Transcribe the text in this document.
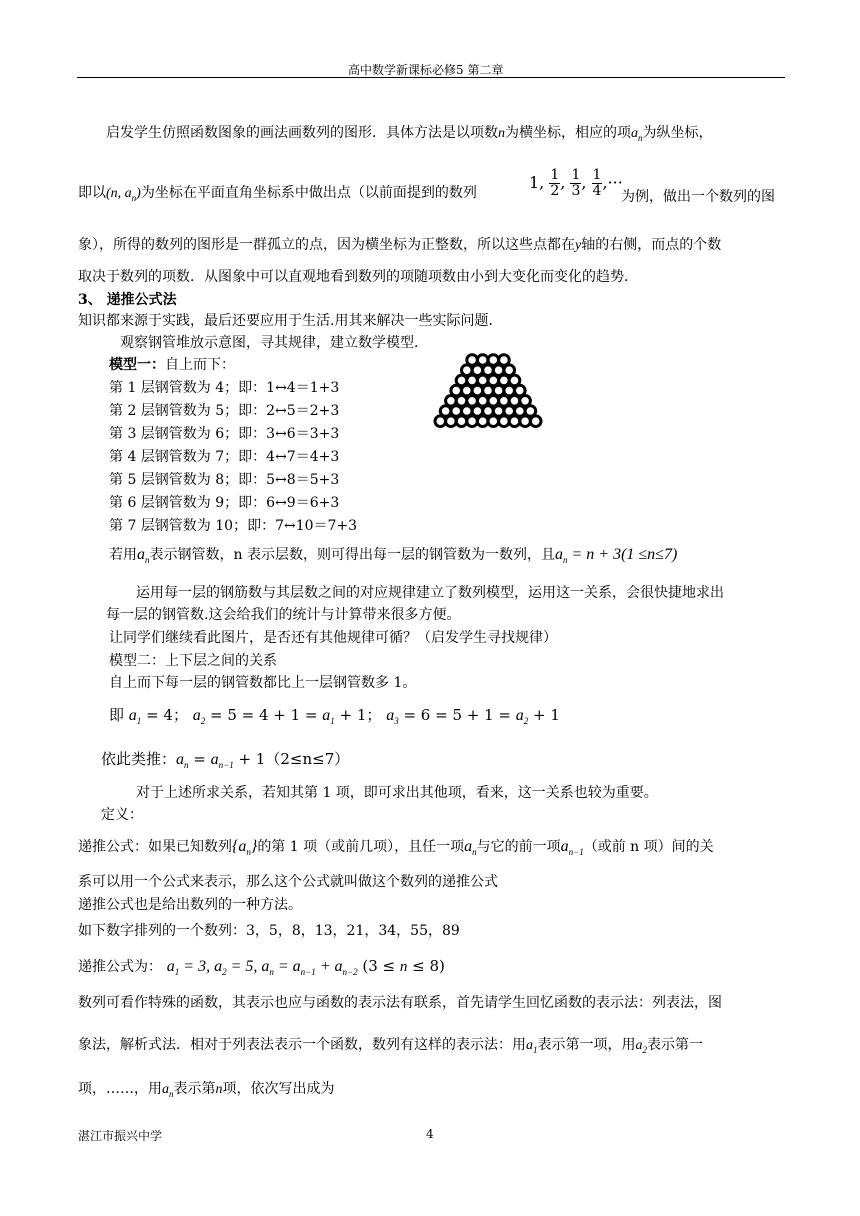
高中数学新课标必修5 第二章
启发学生仿照函数图象的画法画数列的图形．具体方法是以项数n为横坐标，相应的项$a_n$为纵坐标，
即以(n, $a_n$)为坐标在平面直角坐标系中做出点（以前面提到的数列
1, $\frac{1}{2}$ , $\frac{1}{3}$ , $\frac{1}{4}$ ,···
为例，做出一个数列的图
象），所得的数列的图形是一群孤立的点，因为横坐标为正整数，所以这些点都在y轴的右侧，而点的个数
取决于数列的项数．从图象中可以直观地看到数列的项随项数由小到大变化而变化的趋势．
3、 递推公式法
知识都来源于实践，最后还要应用于生活.用其来解决一些实际问题．
观察钢管堆放示意图，寻其规律，建立数学模型．
模型一：自上而下：
第 1 层钢管数为 4；即：1↔4＝1+3
第 2 层钢管数为 5；即：2↔5＝2+3
第 3 层钢管数为 6；即：3↔6＝3+3
第 4 层钢管数为 7；即：4↔7＝4+3
第 5 层钢管数为 8；即：5↔8＝5+3
第 6 层钢管数为 9；即：6↔9＝6+3
第 7 层钢管数为 10；即：7↔10＝7+3
若用$a_n$表示钢管数，n 表示层数，则可得出每一层的钢管数为一数列，且$a_n = n + 3(1 \le n\le 7)$
运用每一层的钢筋数与其层数之间的对应规律建立了数列模型，运用这一关系，会很快捷地求出
每一层的钢管数.这会给我们的统计与计算带来很多方便。
让同学们继续看此图片，是否还有其他规律可循？（启发学生寻找规律）
模型二：上下层之间的关系
自上而下每一层的钢管数都比上一层钢管数多 1。
即 $a_1 = 4$； $a_2 = 5 = 4 + 1 = a_1 + 1$； $a_3 = 6 = 5 + 1 = a_2 + 1$
依此类推：$a_n = a_{n-1} + 1(2\le n\le 7)$
对于上述所求关系，若知其第 1 项，即可求出其他项，看来，这一关系也较为重要。
定义：
递推公式：如果已知数列$\{a_n\}$的第 1 项（或前几项），且任一项$a_n$与它的前一项$a_{n-1}$（或前 n 项）间的关
系可以用一个公式来表示，那么这个公式就叫做这个数列的递推公式
递推公式也是给出数列的一种方法。
如下数字排列的一个数列：3，5，8，13，21，34，55，89
递推公式为： $a_1 = 3$, $a_2 = 5$, $a_n = a_{n-1} + a_{n-2}$ (3 ≤ n ≤ 8)
数列可看作特殊的函数，其表示也应与函数的表示法有联系，首先请学生回忆函数的表示法：列表法，图
象法，解析式法．相对于列表法表示一个函数，数列有这样的表示法：用$a_1$表示第一项，用$a_2$表示第一
项，……，用$a_n$表示第n项，依次写出成为
湛江市振兴中学	4
